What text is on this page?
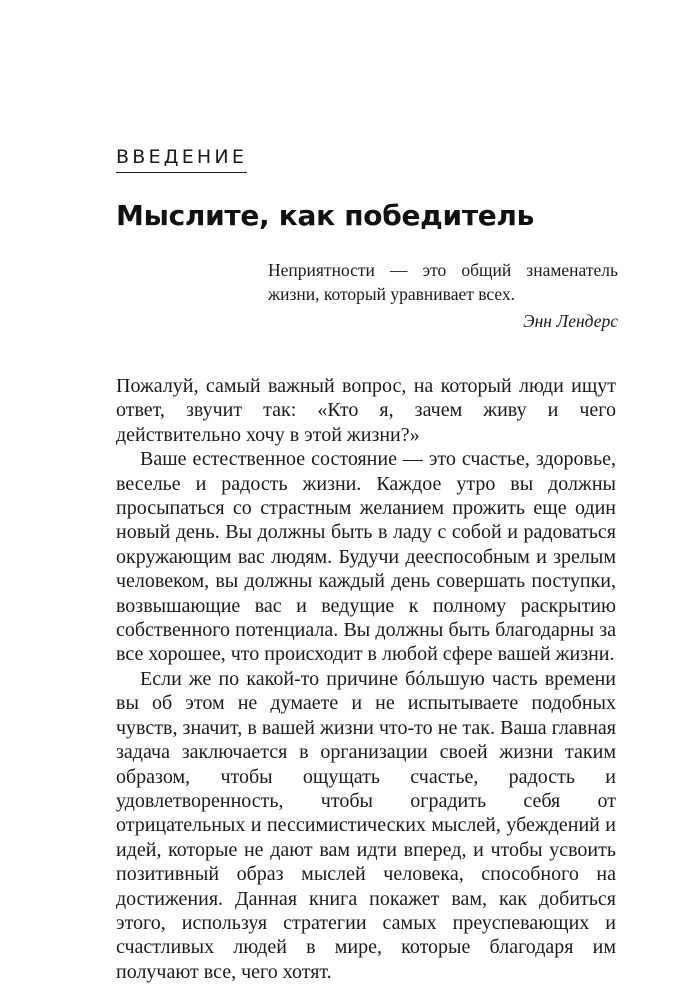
ВВЕДЕНИЕ
Мыслите, как победитель

Неприятности — это общий знаменатель жизни, который уравнивает всех.

Энн Лендерс

Пожалуй, самый важный вопрос, на который люди ищут ответ, звучит так: «Кто я, зачем живу и чего действительно хочу в этой жизни?»

Ваше естественное состояние — это счастье, здоровье, веселье и радость жизни. Каждое утро вы должны просыпаться со страстным желанием прожить еще один новый день. Вы должны быть в ладу с собой и радоваться окружающим вас людям. Будучи дееспособным и зрелым человеком, вы должны каждый день совершать поступки, возвышающие вас и ведущие к полному раскрытию собственного потенциала. Вы должны быть благодарны за все хорошее, что происходит в любой сфере вашей жизни.

Если же по какой-то причине бóльшую часть времени вы об этом не думаете и не испытываете подобных чувств, значит, в вашей жизни что-то не так. Ваша главная задача заключается в организации своей жизни таким образом, чтобы ощущать счастье, радость и удовлетворенность, чтобы оградить себя от отрицательных и пессимистических мыслей, убеждений и идей, которые не дают вам идти вперед, и чтобы усвоить позитивный образ мыслей человека, способного на достижения. Данная книга покажет вам, как добиться этого, используя стратегии самых преуспевающих и счастливых людей в мире, которые благодаря им получают все, чего хотят.
